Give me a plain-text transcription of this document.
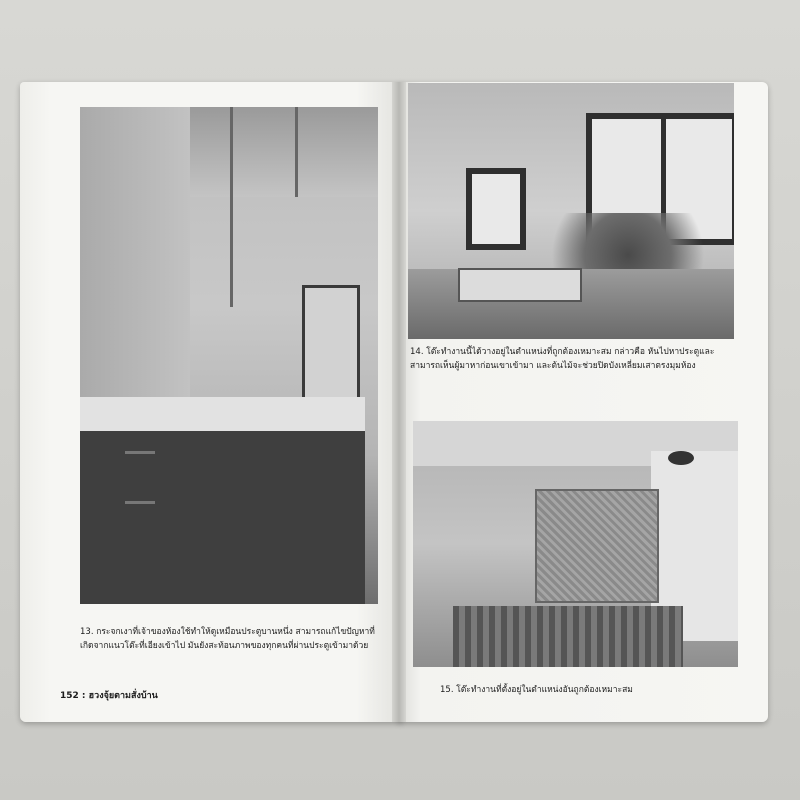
13. กระจกเงาที่เจ้าของห้องใช้ทำให้ดูเหมือนประตูบานหนึ่ง สามารถแก้ไขปัญหาที่เกิดจากแนวโต๊ะที่เอียงเข้าไป มันยังสะท้อนภาพของทุกคนที่ผ่านประตูเข้ามาด้วย
152 : ฮวงจุ้ยตามสั่งบ้าน
14. โต๊ะทำงานนี้ได้วางอยู่ในตำแหน่งที่ถูกต้องเหมาะสม กล่าวคือ หันไปหาประตูและสามารถเห็นผู้มาหาก่อนเขาเข้ามา และต้นไม้จะช่วยปิดบังเหลี่ยมเสาตรงมุมห้อง
15. โต๊ะทำงานที่ตั้งอยู่ในตำแหน่งอันถูกต้องเหมาะสม
